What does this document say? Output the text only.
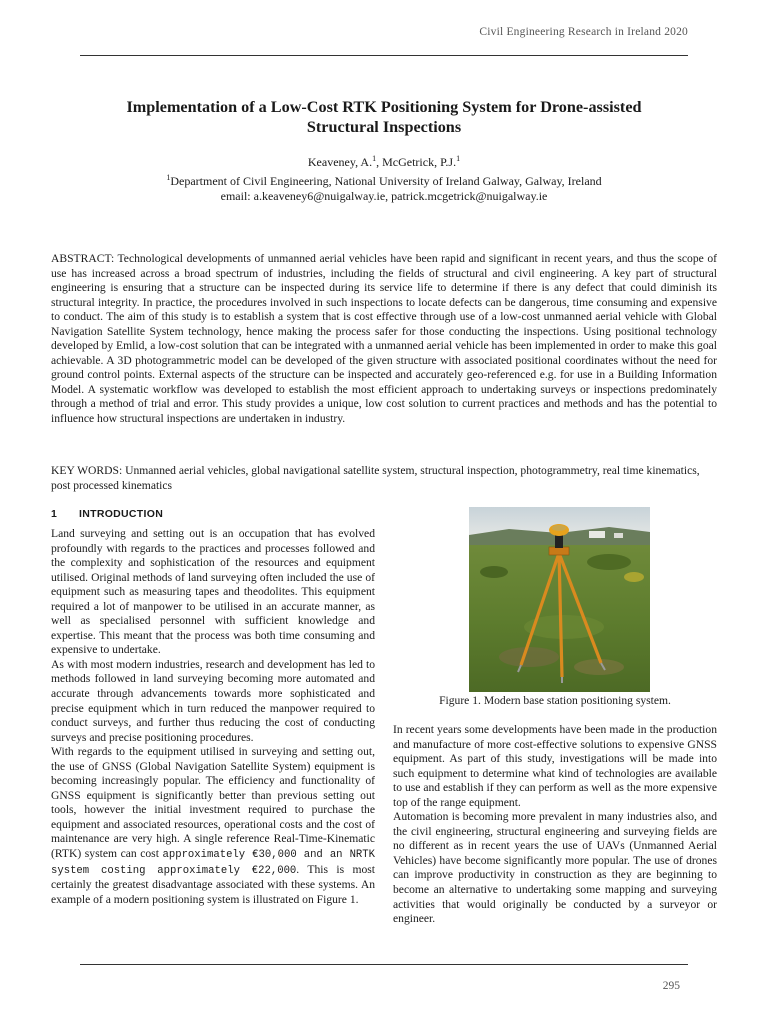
Civil Engineering Research in Ireland 2020
Implementation of a Low-Cost RTK Positioning System for Drone-assisted
Structural Inspections
Keaveney, A.$^1$, McGetrick, P.J.$^1$
$^1$Department of Civil Engineering, National University of Ireland Galway, Galway, Ireland
email: a.keaveney6@nuigalway.ie, patrick.mcgetrick@nuigalway.ie
ABSTRACT: Technological developments of unmanned aerial vehicles have been rapid and significant in recent years, and thus the scope of use has increased across a broad spectrum of industries, including the fields of structural and civil engineering. A key part of structural engineering is ensuring that a structure can be inspected during its service life to determine if there is any defect that could diminish its structural integrity. In practice, the procedures involved in such inspections to locate defects can be dangerous, time consuming and expensive to conduct. The aim of this study is to establish a system that is cost effective through use of a low-cost unmanned aerial vehicle with Global Navigation Satellite System technology, hence making the process safer for those conducting the inspections. Using positional technology developed by Emlid, a low-cost solution that can be integrated with a unmanned aerial vehicle has been implemented in order to make this goal achievable. A 3D photogrammetric model can be developed of the given structure with associated positional coordinates without the need for ground control points. External aspects of the structure can be inspected and accurately geo-referenced e.g. for use in a Building Information Model. A systematic workflow was developed to establish the most efficient approach to undertaking surveys or inspections predominately through a method of trial and error. This study provides a unique, low cost solution to current practices and methods and has the potential to influence how structural inspections are undertaken in industry.
KEY WORDS: Unmanned aerial vehicles, global navigational satellite system, structural inspection, photogrammetry, real time kinematics, post processed kinematics
1 INTRODUCTION

Land surveying and setting out is an occupation that has evolved profoundly with regards to the practices and processes followed and the complexity and sophistication of the resources and equipment utilised. Original methods of land surveying often included the use of equipment such as measuring tapes and theodolites. This equipment required a lot of manpower to be utilised in an accurate manner, as well as specialised personnel with sufficient knowledge and expertise. This meant that the process was both time consuming and expensive to undertake.

As with most modern industries, research and development has led to methods followed in land surveying becoming more automated and accurate through advancements towards more sophisticated and precise equipment which in turn reduced the manpower required to conduct surveys, and further thus reducing the cost of conducting surveys and precise positioning procedures.

With regards to the equipment utilised in surveying and setting out, the use of GNSS (Global Navigation Satellite System) equipment is becoming increasingly popular. The efficiency and functionality of GNSS equipment is significantly better than previous setting out tools, however the initial investment required to purchase the equipment and associated resources, operational costs and the cost of maintenance are very high. A single reference Real-Time-Kinematic (RTK) system can cost approximately €30,000 and an NRTK system costing approximately €22,000. This is most certainly the greatest disadvantage associated with these systems. An example of a modern positioning system is illustrated on Figure 1.

Figure 1. Modern base station positioning system.

In recent years some developments have been made in the production and manufacture of more cost-effective solutions to expensive GNSS equipment. As part of this study, investigations will be made into such equipment to determine what kind of technologies are available to use and establish if they can perform as well as the more expensive top of the range equipment.

Automation is becoming more prevalent in many industries also, and the civil engineering, structural engineering and surveying fields are no different as in recent years the use of UAVs (Unmanned Aerial Vehicles) have become significantly more popular. The use of drones can improve productivity in construction as they are beginning to become an alternative to undertaking some mapping and surveying activities that would originally be conducted by a surveyor or engineer.

295
